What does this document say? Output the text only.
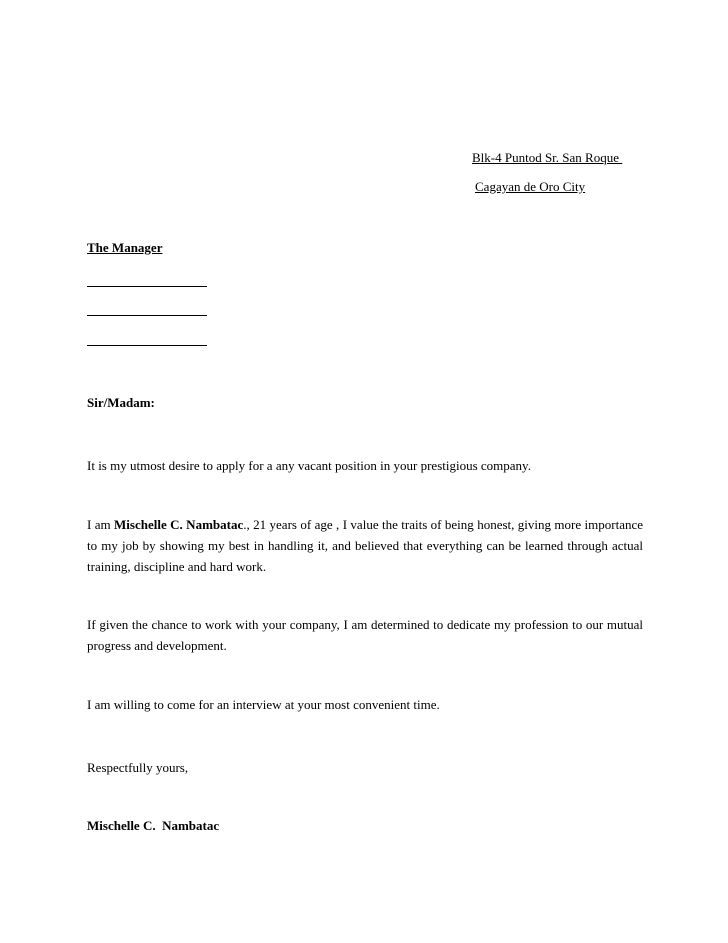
Blk-4 Puntod Sr. San Roque
Cagayan de Oro City
The Manager
Sir/Madam:

It is my utmost desire to apply for a any vacant position in your prestigious company.

I am Mischelle C. Nambatac., 21 years of age , I value the traits of being honest, giving more importance to my job by showing my best in handling it, and believed that everything can be learned through actual training, discipline and hard work.

If given the chance to work with your company, I am determined to dedicate my profession to our mutual progress and development.

I am willing to come for an interview at your most convenient time.

Respectfully yours,
Mischelle C.  Nambatac
